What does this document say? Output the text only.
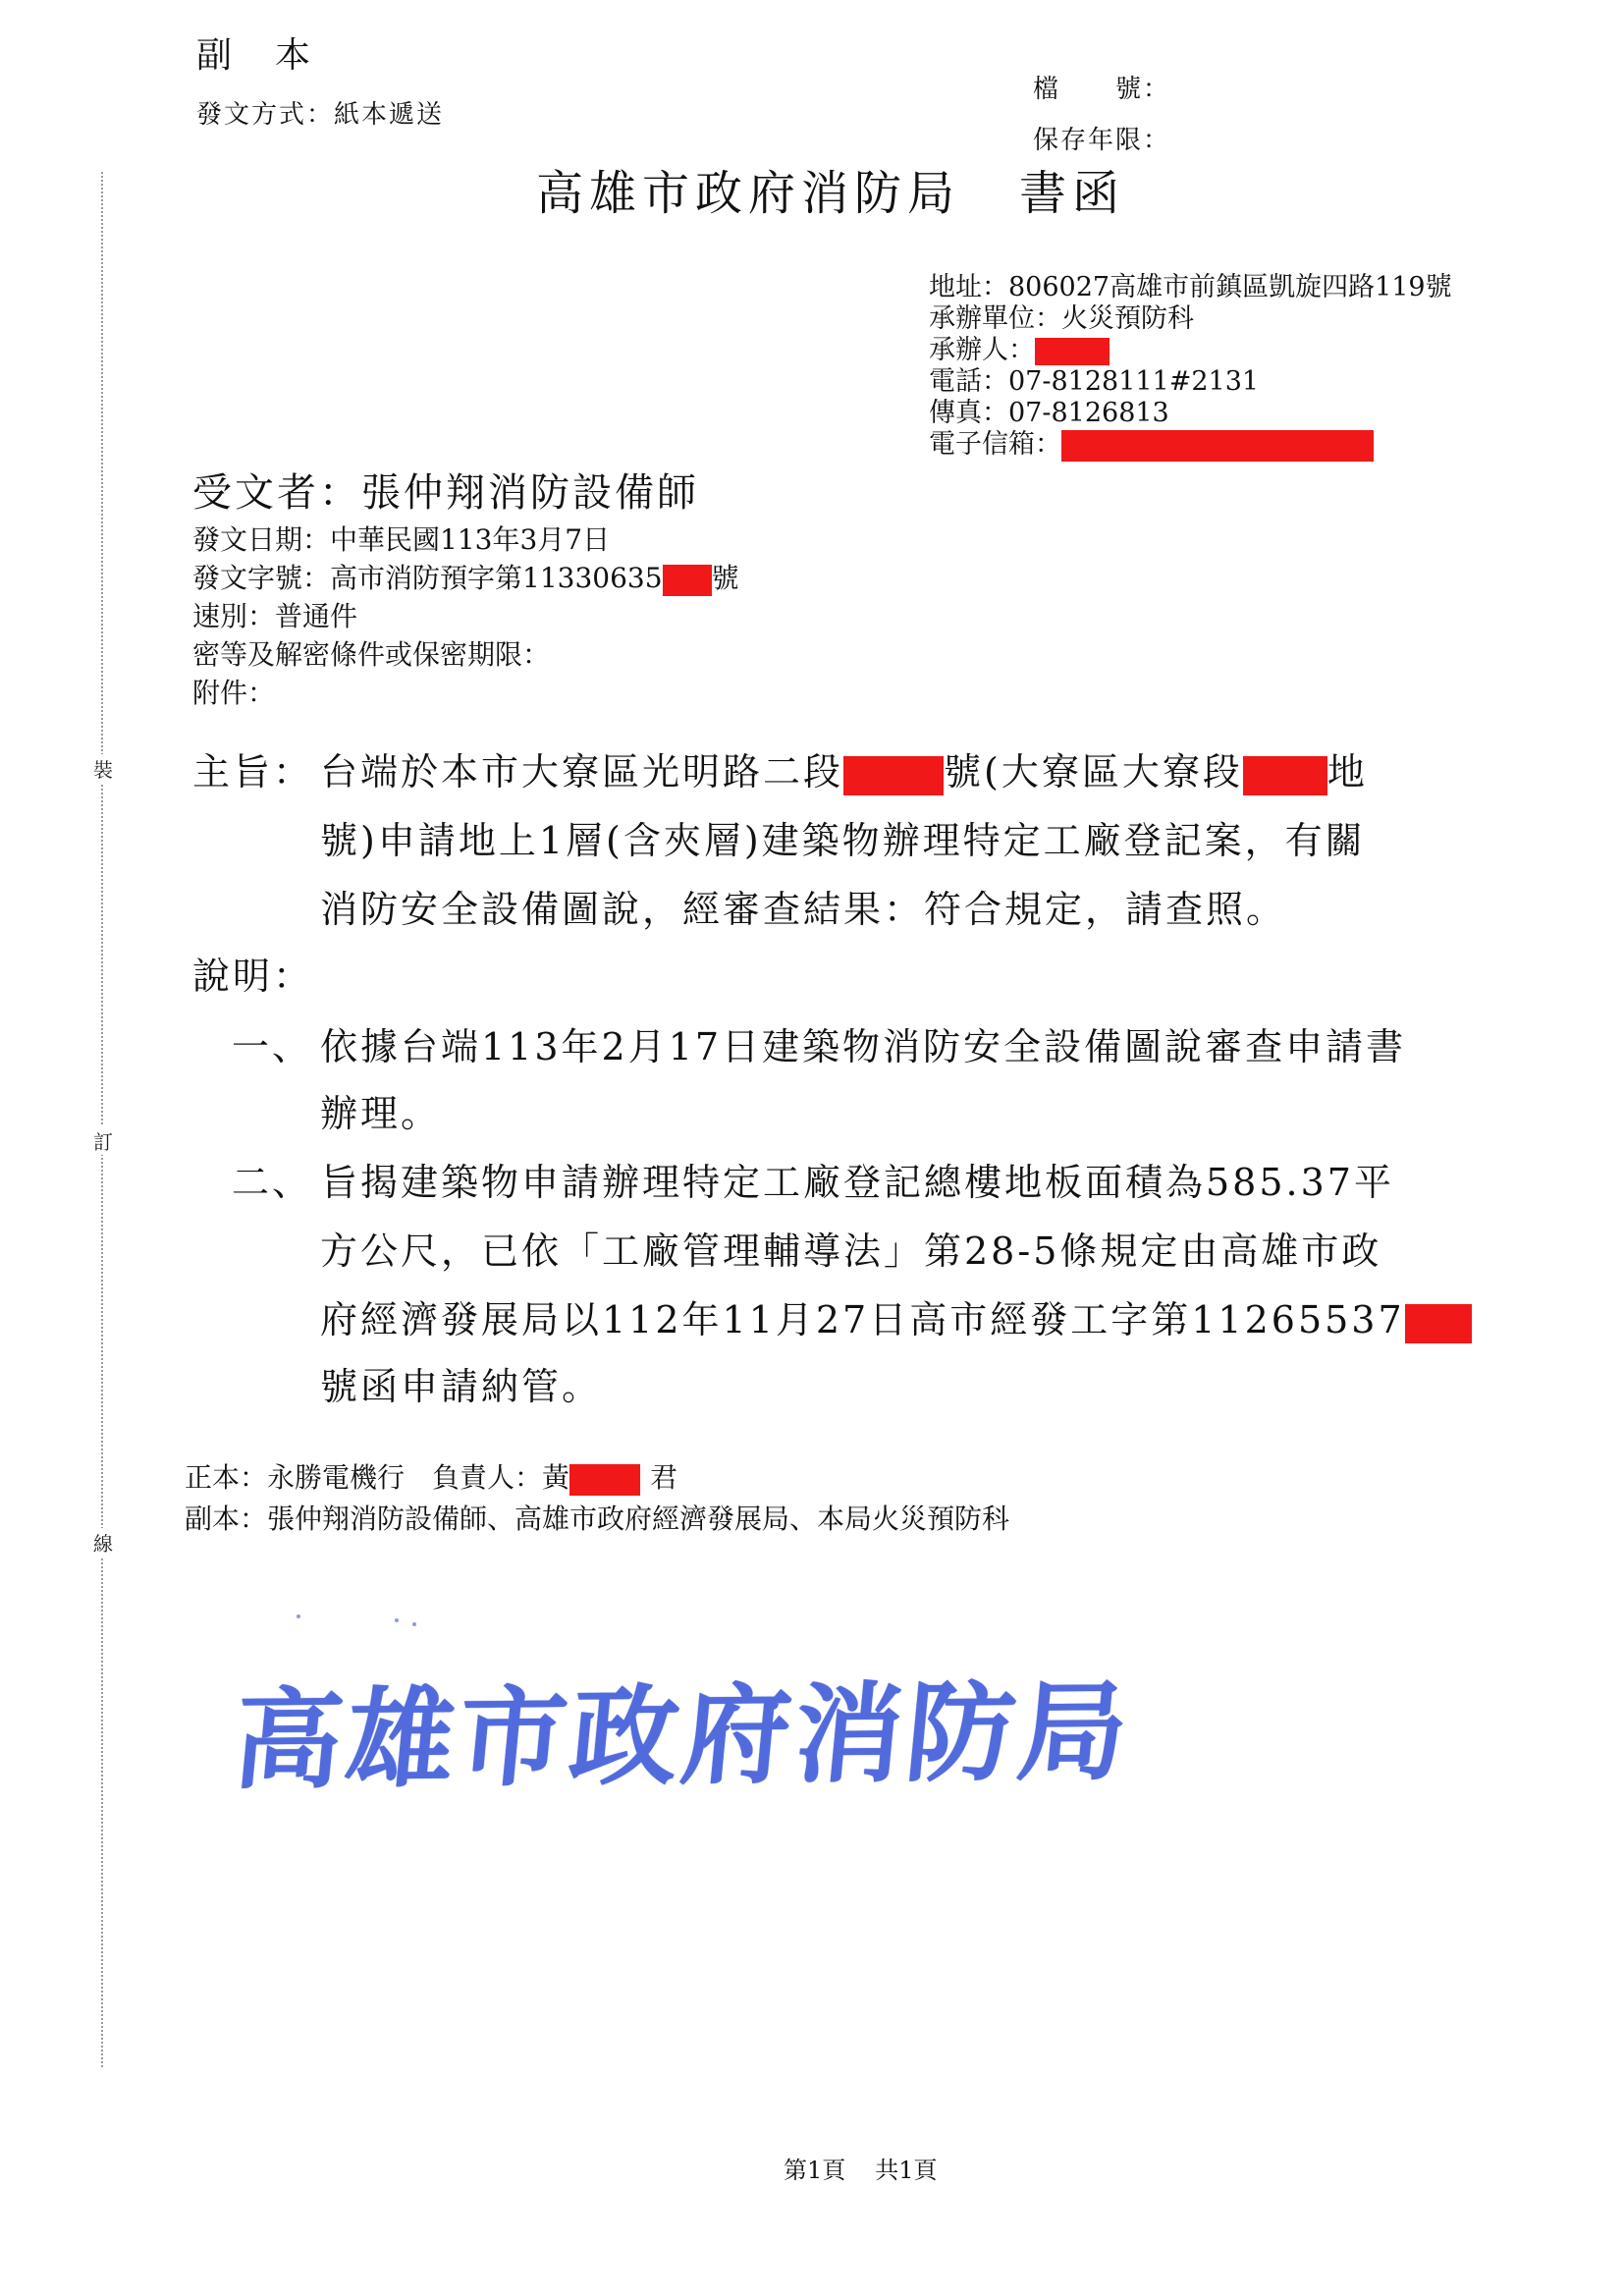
裝
訂
線
副　本
發文方式：紙本遞送
檔　　號：
保存年限：
高雄市政府消防局 書函
地址：806027高雄市前鎮區凱旋四路119號
承辦單位：火災預防科
承辦人：
電話：07-8128111#2131
傳真：07-8126813
電子信箱：
受文者：張仲翔消防設備師
發文日期：中華民國113年3月7日
發文字號：高市消防預字第11330635 號
速別：普通件
密等及解密條件或保密期限：
附件：
主旨： 台端於本市大寮區光明路二段	號(大寮區大寮段 地
號)申請地上1層(含夾層)建築物辦理特定工廠登記案，有關
消防安全設備圖說，經審查結果：符合規定，請查照。
說明：
一、 依據台端113年2月17日建築物消防安全設備圖說審查申請書
辦理。
二、 旨揭建築物申請辦理特定工廠登記總樓地板面積為585.37平
方公尺，已依「工廠管理輔導法」第28-5條規定由高雄市政
府經濟發展局以112年11月27日高市經發工字第11265537
號函申請納管。
正本：永勝電機行　負責人：黃	君
副本：張仲翔消防設備師、高雄市政府經濟發展局、本局火災預防科
高雄市政府消防局
第1頁 共1頁
